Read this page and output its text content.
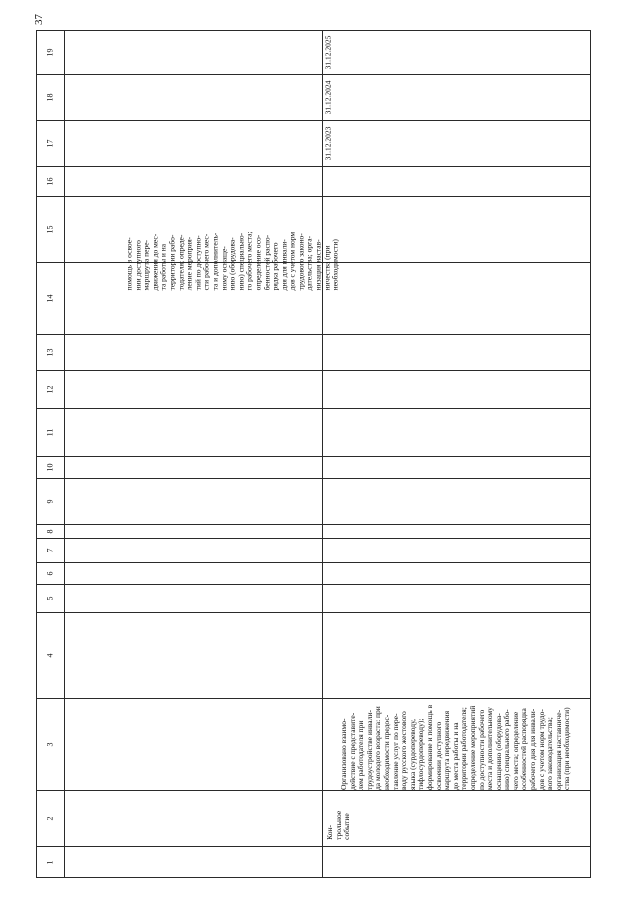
37
19
18
17
16
15
14
13
12
11
10
9
8
7
6
5
4
3
2
1
помощь в освое-
нии доступного
маршрута пере-
движения до мес-
та работы и на
территории рабо-
тодателя; опреде-
ление мероприя-
тий по доступно-
сти рабочего мес-
та и дополнитель-
ному оснаще-
нию (оборудова-
нию) специально-
го рабочего места;
определение осо-
бенностей распо-
рядка рабочего
дня для инвали-
дов с учетом норм
трудового законо-
дательства; орга-
низация настав-
ничества (при
необходимости)
Кон-
трольное
событие
Организовано взаимо-
действие с представите-
лем работодателя при
трудоустройстве инвали-
да молодого возраста: при
необходимости предос-
тавление услуг по пере-
воду русского жестового
языка (сурдопереводу,
тифлосурдопереводу);
формирование и помощь в
освоении доступного
маршрута передвижения
до места работы и на
территории работодателя;
определение мероприятий
по доступности рабочего
места и дополнительному
оснащению (оборудова-
нию) специального рабо-
чего места; определение
особенностей распорядка
рабочего дня для инвали-
дов с учетом норм трудо-
вого законодательства;
организация наставниче-
ства (при необходимости)
31.12.2023
31.12.2024
31.12.2025
